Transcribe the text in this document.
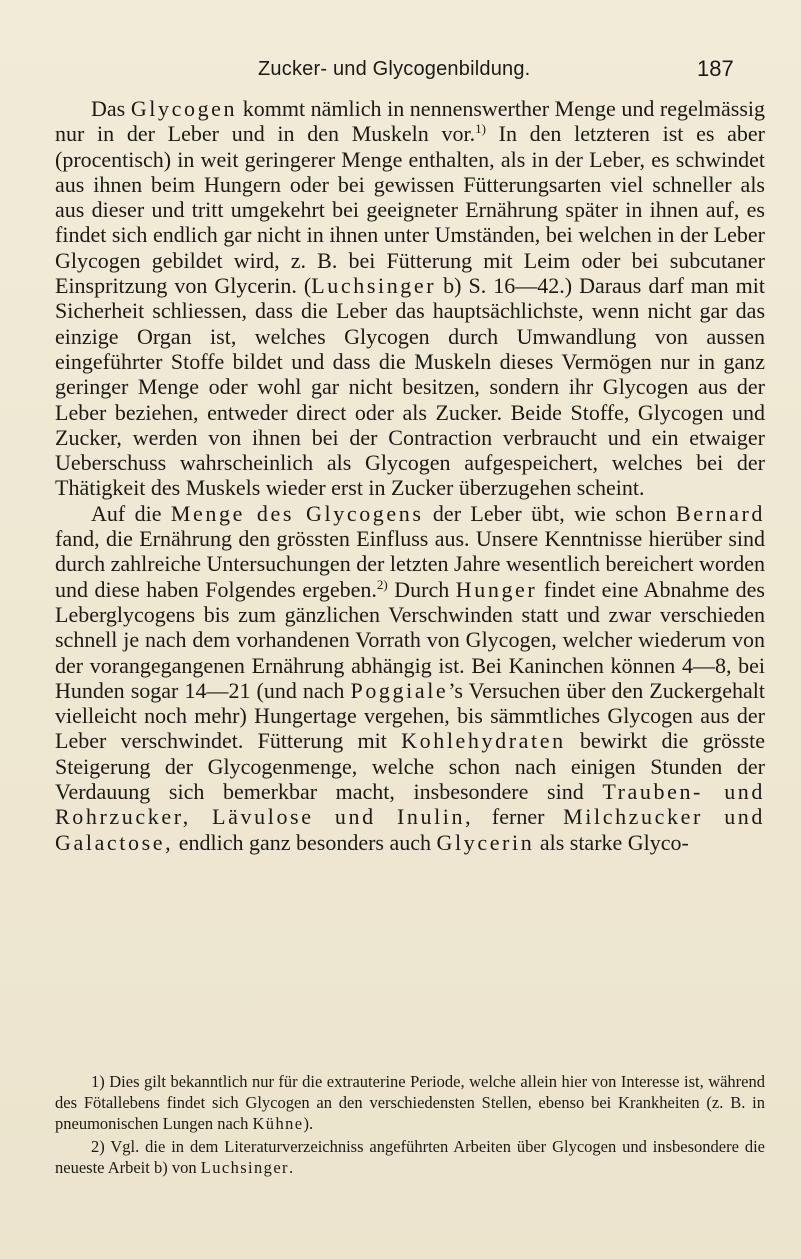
Zucker- und Glycogenbildung.	187

Das Glycogen kommt nämlich in nennenswerther Menge und regelmässig nur in der Leber und in den Muskeln vor.$^{1)}$ In den letzteren ist es aber (procentisch) in weit geringerer Menge enthalten, als in der Leber, es schwindet aus ihnen beim Hungern oder bei gewissen Fütterungsarten viel schneller als aus dieser und tritt umgekehrt bei geeigneter Ernährung später in ihnen auf, es findet sich endlich gar nicht in ihnen unter Umständen, bei welchen in der Leber Glycogen gebildet wird, z. B. bei Fütterung mit Leim oder bei subcutaner Einspritzung von Glycerin. (Luchsinger b) S. 16—42.) Daraus darf man mit Sicherheit schliessen, dass die Leber das hauptsächlichste, wenn nicht gar das einzige Organ ist, welches Glycogen durch Umwandlung von aussen eingeführter Stoffe bildet und dass die Muskeln dieses Vermögen nur in ganz geringer Menge oder wohl gar nicht besitzen, sondern ihr Glycogen aus der Leber beziehen, entweder direct oder als Zucker. Beide Stoffe, Glycogen und Zucker, werden von ihnen bei der Contraction verbraucht und ein etwaiger Ueberschuss wahrscheinlich als Glycogen aufgespeichert, welches bei der Thätigkeit des Muskels wieder erst in Zucker überzugehen scheint.

Auf die Menge des Glycogens der Leber übt, wie schon Bernard fand, die Ernährung den grössten Einfluss aus. Unsere Kenntnisse hierüber sind durch zahlreiche Untersuchungen der letzten Jahre wesentlich bereichert worden und diese haben Folgendes ergeben.$^{2)}$ Durch Hunger findet eine Abnahme des Leberglycogens bis zum gänzlichen Verschwinden statt und zwar verschieden schnell je nach dem vorhandenen Vorrath von Glycogen, welcher wiederum von der vorangegangenen Ernährung abhängig ist. Bei Kaninchen können 4—8, bei Hunden sogar 14—21 (und nach Poggiale’s Versuchen über den Zuckergehalt vielleicht noch mehr) Hungertage vergehen, bis sämmtliches Glycogen aus der Leber verschwindet. Fütterung mit Kohlehydraten bewirkt die grösste Steigerung der Glycogenmenge, welche schon nach einigen Stunden der Verdauung sich bemerkbar macht, insbesondere sind Trauben- und Rohrzucker, Lävulose und Inulin, ferner Milchzucker und Galactose, endlich ganz besonders auch Glycerin als starke Glyco-

1) Dies gilt bekanntlich nur für die extrauterine Periode, welche allein hier von Interesse ist, während des Fötallebens findet sich Glycogen an den verschiedensten Stellen, ebenso bei Krankheiten (z. B. in pneumonischen Lungen nach Kühne).

2) Vgl. die in dem Literaturverzeichniss angeführten Arbeiten über Glycogen und insbesondere die neueste Arbeit b) von Luchsinger.
